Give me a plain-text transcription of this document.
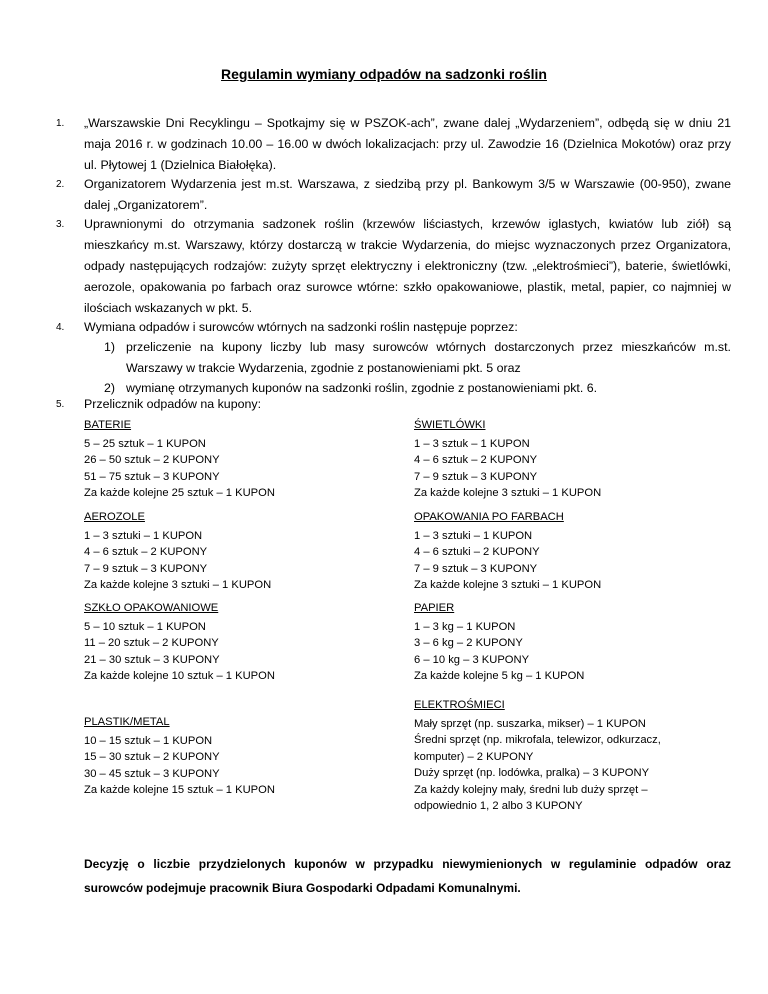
Regulamin wymiany odpadów na sadzonki roślin
1. „Warszawskie Dni Recyklingu – Spotkajmy się w PSZOK-ach”, zwane dalej „Wydarzeniem”, odbędą się w dniu 21 maja 2016 r. w godzinach 10.00 – 16.00 w dwóch lokalizacjach: przy ul. Zawodzie 16 (Dzielnica Mokotów) oraz przy ul. Płytowej 1 (Dzielnica Białołęka).

2. Organizatorem Wydarzenia jest m.st. Warszawa, z siedzibą przy pl. Bankowym 3/5 w Warszawie (00-950), zwane dalej „Organizatorem”.

3. Uprawnionymi do otrzymania sadzonek roślin (krzewów liściastych, krzewów iglastych, kwiatów lub ziół) są mieszkańcy m.st. Warszawy, którzy dostarczą w trakcie Wydarzenia, do miejsc wyznaczonych przez Organizatora, odpady następujących rodzajów: zużyty sprzęt elektryczny i elektroniczny (tzw. „elektrośmieci”), baterie, świetlówki, aerozole, opakowania po farbach oraz surowce wtórne: szkło opakowaniowe, plastik, metal, papier, co najmniej w ilościach wskazanych w pkt. 5.

4. Wymiana odpadów i surowców wtórnych na sadzonki roślin następuje poprzez:

1) przeliczenie na kupony liczby lub masy surowców wtórnych dostarczonych przez mieszkańców m.st. Warszawy w trakcie Wydarzenia, zgodnie z postanowieniami pkt. 5 oraz

2) wymianę otrzymanych kuponów na sadzonki roślin, zgodnie z postanowieniami pkt. 6.

5. Przelicznik odpadów na kupony:

BATERIE
5 – 25 sztuk – 1 KUPON
26 – 50 sztuk – 2 KUPONY
51 – 75 sztuk – 3 KUPONY
Za każde kolejne 25 sztuk – 1 KUPON
AEROZOLE
1 – 3 sztuki – 1 KUPON
4 – 6 sztuk – 2 KUPONY
7 – 9 sztuk – 3 KUPONY
Za każde kolejne 3 sztuki – 1 KUPON
SZKŁO OPAKOWANIOWE
5 – 10 sztuk – 1 KUPON
11 – 20 sztuk – 2 KUPONY
21 – 30 sztuk – 3 KUPONY
Za każde kolejne 10 sztuk – 1 KUPON
PLASTIK/METAL
10 – 15 sztuk – 1 KUPON
15 – 30 sztuk – 2 KUPONY
30 – 45 sztuk – 3 KUPONY
Za każde kolejne 15 sztuk – 1 KUPON
ŚWIETLÓWKI
1 – 3 sztuk – 1 KUPON
4 – 6 sztuk – 2 KUPONY
7 – 9 sztuk – 3 KUPONY
Za każde kolejne 3 sztuki – 1 KUPON
OPAKOWANIA PO FARBACH
1 – 3 sztuki – 1 KUPON
4 – 6 sztuki – 2 KUPONY
7 – 9 sztuk – 3 KUPONY
Za każde kolejne 3 sztuki – 1 KUPON
PAPIER
1 – 3 kg – 1 KUPON
3 – 6 kg – 2 KUPONY
6 – 10 kg – 3 KUPONY
Za każde kolejne 5 kg – 1 KUPON
ELEKTROŚMIECI
Mały sprzęt (np. suszarka, mikser) – 1 KUPON
Średni sprzęt (np. mikrofala, telewizor, odkurzacz,
komputer) – 2 KUPONY
Duży sprzęt (np. lodówka, pralka) – 3 KUPONY
Za każdy kolejny mały, średni lub duży sprzęt –
odpowiednio 1, 2 albo 3 KUPONY

Decyzję o liczbie przydzielonych kuponów w przypadku niewymienionych w regulaminie odpadów oraz surowców podejmuje pracownik Biura Gospodarki Odpadami Komunalnymi.
